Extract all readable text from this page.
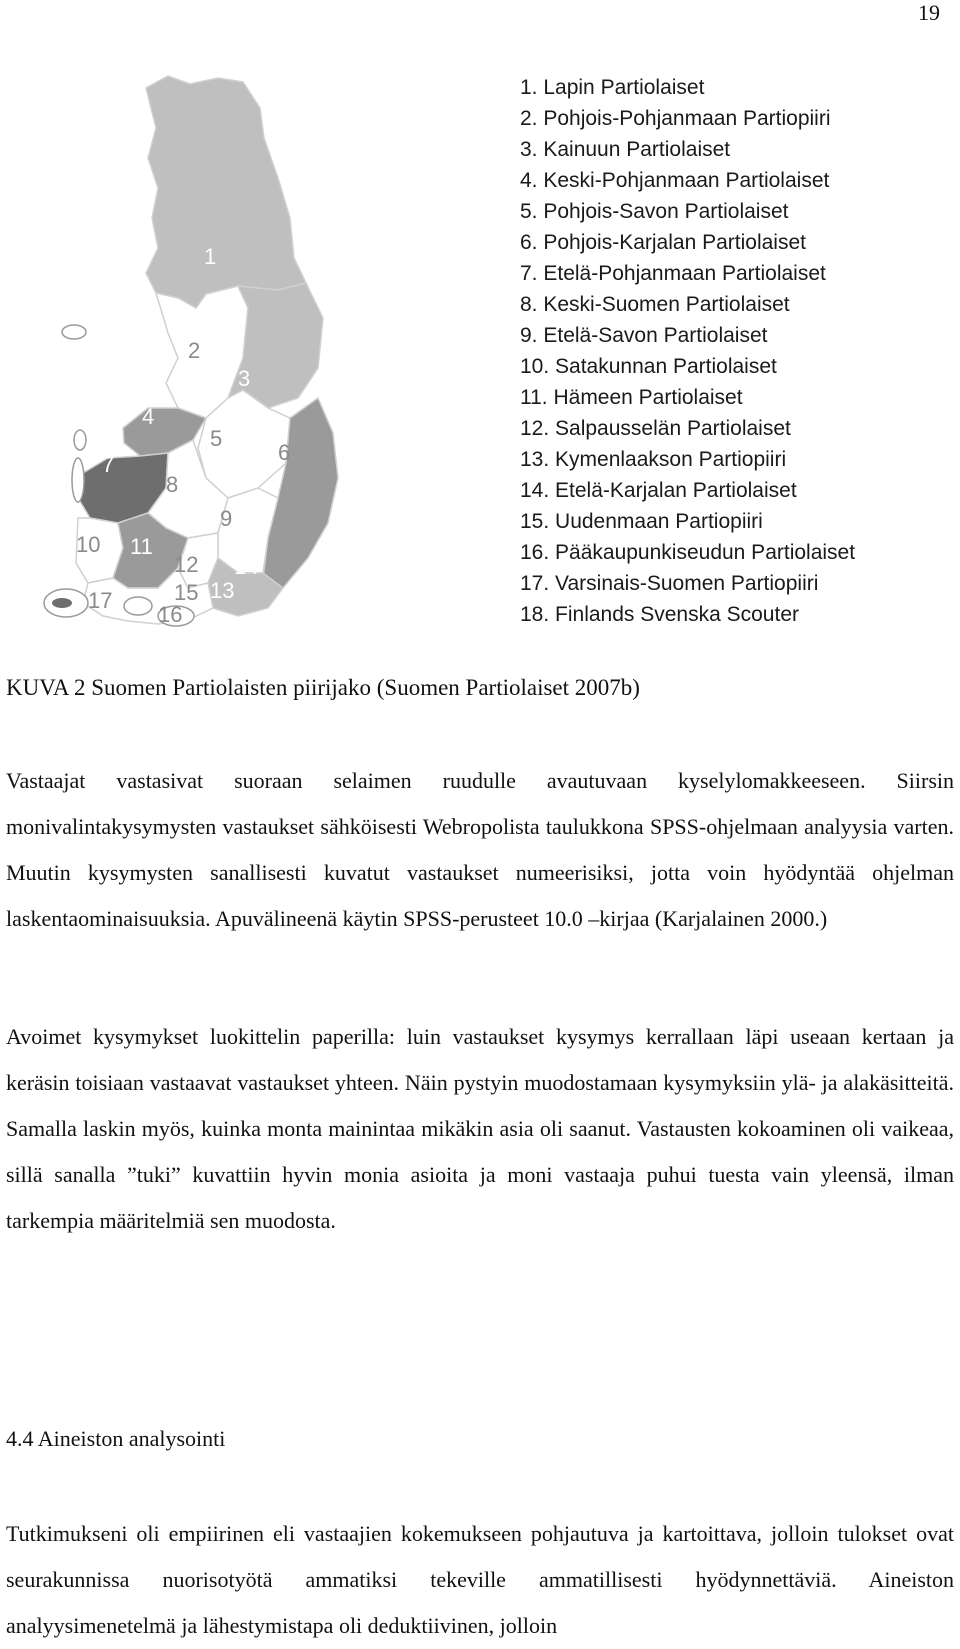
19
1
2
3
4
5
6
7
8
9
10 11
12
13
14
15
16
17
18
= FiSSc
1. Lapin Partiolaiset
2. Pohjois-Pohjanmaan Partiopiiri
3. Kainuun Partiolaiset
4. Keski-Pohjanmaan Partiolaiset
5. Pohjois-Savon Partiolaiset
6. Pohjois-Karjalan Partiolaiset
7. Etelä-Pohjanmaan Partiolaiset
8. Keski-Suomen Partiolaiset
9. Etelä-Savon Partiolaiset
10. Satakunnan Partiolaiset
11. Hämeen Partiolaiset
12. Salpausselän Partiolaiset
13. Kymenlaakson Partiopiiri
14. Etelä-Karjalan Partiolaiset
15. Uudenmaan Partiopiiri
16. Pääkaupunkiseudun Partiolaiset
17. Varsinais-Suomen Partiopiiri
18. Finlands Svenska Scouter
KUVA 2 Suomen Partiolaisten piirijako (Suomen Partiolaiset 2007b)

Vastaajat vastasivat suoraan selaimen ruudulle avautuvaan kyselylomakkeeseen. Siirsin monivalintakysymysten vastaukset sähköisesti Webropolista taulukkona SPSS-ohjelmaan analyysia varten. Muutin kysymysten sanallisesti kuvatut vastaukset numeerisiksi, jotta voin hyödyntää ohjelman laskentaominaisuuksia. Apuvälineenä käytin SPSS-perusteet 10.0 –kirjaa (Karjalainen 2000.)

Avoimet kysymykset luokittelin paperilla: luin vastaukset kysymys kerrallaan läpi useaan kertaan ja keräsin toisiaan vastaavat vastaukset yhteen. Näin pystyin muodostamaan kysymyksiin ylä- ja alakäsitteitä. Samalla laskin myös, kuinka monta mainintaa mikäkin asia oli saanut. Vastausten kokoaminen oli vaikeaa, sillä sanalla ”tuki” kuvattiin hyvin monia asioita ja moni vastaaja puhui tuesta vain yleensä, ilman tarkempia määritelmiä sen muodosta.

4.4 Aineiston analysointi

Tutkimukseni oli empiirinen eli vastaajien kokemukseen pohjautuva ja kartoittava, jolloin tulokset ovat seurakunnissa nuorisotyötä ammatiksi tekeville ammatillisesti hyödynnettäviä. Aineiston analyysimenetelmä ja lähestymistapa oli deduktiivinen, jolloin
